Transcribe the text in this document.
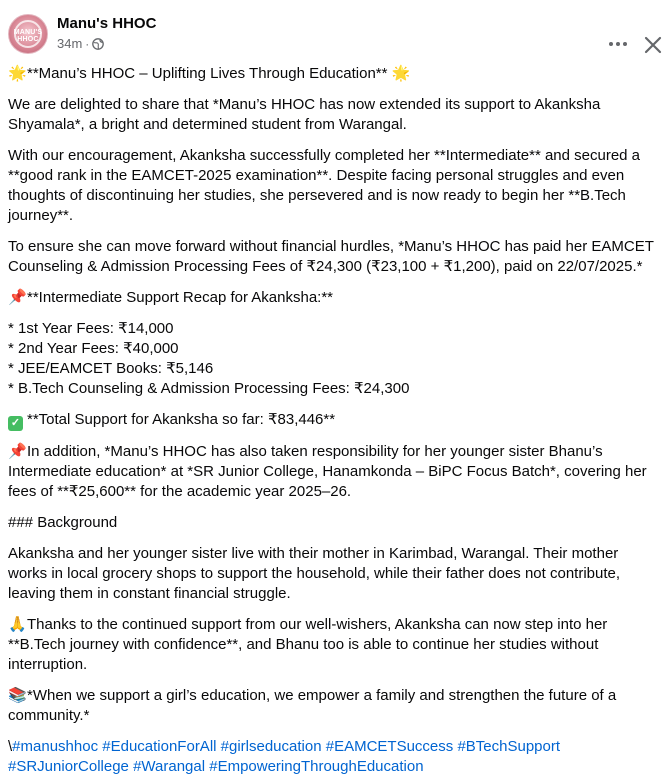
MANU'S HHOC
Manu's HHOC
34m ·

🌟**Manu’s HHOC – Uplifting Lives Through Education** 🌟

We are delighted to share that *Manu’s HHOC has now extended its support to Akanksha Shyamala*, a bright and determined student from Warangal.

With our encouragement, Akanksha successfully completed her **Intermediate** and secured a **good rank in the EAMCET-2025 examination**. Despite facing personal struggles and even thoughts of discontinuing her studies, she persevered and is now ready to begin her **B.Tech journey**.

To ensure she can move forward without financial hurdles, *Manu’s HHOC has paid her EAMCET Counseling & Admission Processing Fees of ₹24,300 (₹23,100 + ₹1,200), paid on 22/07/2025.*

📌**Intermediate Support Recap for Akanksha:**

* 1st Year Fees: ₹14,000
* 2nd Year Fees: ₹40,000
* JEE/EAMCET Books: ₹5,146
* B.Tech Counseling & Admission Processing Fees: ₹24,300

✓ **Total Support for Akanksha so far: ₹83,446**

📌In addition, *Manu’s HHOC has also taken responsibility for her younger sister Bhanu’s Intermediate education* at *SR Junior College, Hanamkonda – BiPC Focus Batch*, covering her fees of **₹25,600** for the academic year 2025–26.

### Background

Akanksha and her younger sister live with their mother in Karimbad, Warangal. Their mother works in local grocery shops to support the household, while their father does not contribute, leaving them in constant financial struggle.

🙏Thanks to the continued support from our well-wishers, Akanksha can now step into her **B.Tech journey with confidence**, and Bhanu too is able to continue her studies without interruption.

📚*When we support a girl’s education, we empower a family and strengthen the future of a community.*

\#manushhoc #EducationForAll #girlseducation #EAMCETSuccess #BTechSupport #SRJuniorCollege #Warangal #EmpoweringThroughEducation
